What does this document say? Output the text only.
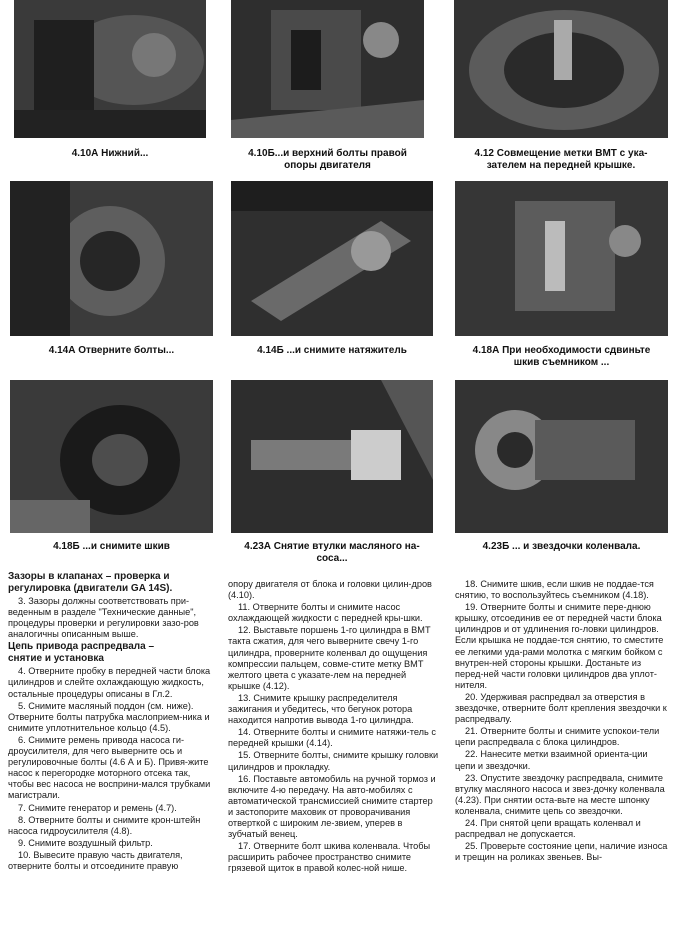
4.10А Нижний...	4.10Б...и верхний болты правой
опоры двигателя
4.12 Совмещение метки ВМТ с ука-
зателем на передней крышке.
4.14А Отверните болты...	4.14Б ...и снимите натяжитель	4.18А При необходимости сдвиньте
шкив съемником ...
4.18Б ...и снимите шкив	4.23А Снятие втулки масляного на-
соса...
4.23Б ... и звездочки коленвала.
Зазоры в клапанах – проверка и
регулировка (двигатели GA 14S).

3. Зазоры должны соответствовать при-веденным в разделе "Технические данные", процедуры проверки и регулировки зазо-ров аналогичны описанным выше.

Цепь привода распредвала –
снятие и установка

4. Отверните пробку в передней части блока цилиндров и слейте охлаждающую жидкость, остальные процедуры описаны в Гл.2.

5. Снимите масляный поддон (см. ниже). Отверните болты патрубка маслоприем-ника и снимите уплотнительное кольцо (4.5).

6. Снимите ремень привода насоса ги-дроусилителя, для чего выверните ось и регулировочные болты (4.6 А и Б). Привя-жите насос к перегородке моторного отсека так, чтобы вес насоса не восприни-мался трубками магистрали.

7. Снимите генератор и ремень (4.7).

8. Отверните болты и снимите крон-штейн насоса гидроусилителя (4.8).

9. Снимите воздушный фильтр.

10. Вывесите правую часть двигателя, отверните болты и отсоедините правую

опору двигателя от блока и головки цилин-дров (4.10).

11. Отверните болты и снимите насос охлаждающей жидкости с передней кры-шки.

12. Выставьте поршень 1-го цилиндра в ВМТ такта сжатия, для чего выверните свечу 1-го цилиндра, проверните коленвал до ощущения компрессии пальцем, совме-стите метку ВМТ желтого цвета с указате-лем на передней крышке (4.12).

13. Снимите крышку распределителя зажигания и убедитесь, что бегунок ротора находится напротив вывода 1-го цилиндра.

14. Отверните болты и снимите натяжи-тель с передней крышки (4.14).

15. Отверните болты, снимите крышку головки цилиндров и прокладку.

16. Поставьте автомобиль на ручной тормоз и включите 4-ю передачу. На авто-мобилях с автоматической трансмиссией снимите стартер и застопорите маховик от проворачивания отверткой с широким ле-звием, уперев в зубчатый венец.

17. Отверните болт шкива коленвала. Чтобы расширить рабочее пространство снимите грязевой щиток в правой колес-ной нише.

18. Снимите шкив, если шкив не поддае-тся снятию, то воспользуйтесь съемником (4.18).

19. Отверните болты и снимите пере-днюю крышку, отсоединив ее от передней части блока цилиндров и от удлинения го-ловки цилиндров. Если крышка не поддае-тся снятию, то сместите ее легкими уда-рами молотка с мягким бойком с внутрен-ней стороны крышки. Достаньте из перед-ней части головки цилиндров два уплот-нителя.

20. Удерживая распредвал за отверстия в звездочке, отверните болт крепления звездочки к распредвалу.

21. Отверните болты и снимите успокои-тели цепи распредвала с блока цилиндров.

22. Нанесите метки взаимной ориента-ции цепи и звездочки.

23. Опустите звездочку распредвала, снимите втулку масляного насоса и звез-дочку коленвала (4.23). При снятии оста-вьте на месте шпонку коленвала, снимите цепь со звездочки.

24. При снятой цепи вращать коленвал и распредвал не допускается.

25. Проверьте состояние цепи, наличие износа и трещин на роликах звеньев. Вы-
